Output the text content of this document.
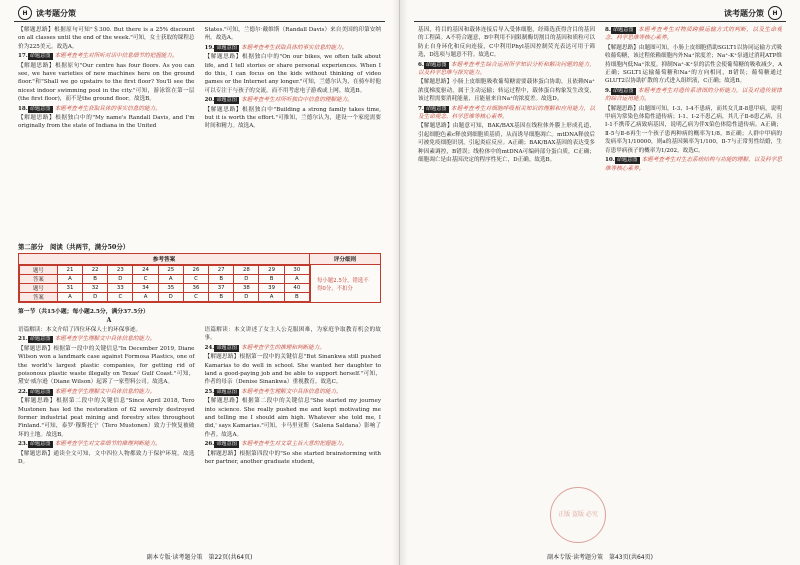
H	读考题分策

【解题思路】根据原句可知"＄300. But there is a 25% discount on all classes until the end of the week."可知，女士获取的课程总价为225美元。故选A。

17. 命题意图 本题考查考生对所听对话中信息细节的把握能力。

【解题思路】根据原句"Our centre has four floors. As you can see, we have varieties of new machines here on the ground floor."和"Shall we go upstairs to the first floor? You'll see the nicest indoor swimming pool in the city."可知，游泳馆在第一层 (the first floor)，而不是the ground floor。故选B。

18. 命题意图 本题考查考生获取具体的事实信息的能力。

【解题思路】根据独白中的"My name's Randall Davis, and I'm originally from the state of Indiana in the United

States."可知，兰德尔·戴维斯（Randall Davis）来自美国的印第安纳州。故选A。

19. 命题意图 本题考查考生获取具体的事实信息的能力。

【解题思路】根据独白中的"On our bikes, we often talk about life, and I tell stories or share personal experiences. When I do this, I can focus on the kids without thinking of video games or the Internet any longer."可知，兰德尔认为，在骑车时他可以专注于与孩子的交流，而不用考虑电子游戏或上网。故选B。

20. 命题意图 本题考查考生对所听独白中信息的理解能力。

【解题思路】根据独白中"Building a strong family takes time, but it is worth the effort."可推知，兰德尔认为，建设一个家庭需要时间和精力。故选A。

第二部分　阅读（共两节，满分50分）
参考答案	评分细则
题号	21	22	23	24	25	26	27	28	29	30
答案	A	B	D	C	A	C	B	D	B	A
题号	31	32	33	34	35	36	37	38	39	40
答案	A	D	C	A	D	C	B	D	A	B
每小题2.5分，错选不得0分，不扣分
第一节（共15小题；每小题2.5分，满分37.5分）
A

语篇解读：本文介绍了四位环保人士的环保事迹。

21. 命题意图 本题考查学生理解文中具体信息的能力。

【解题思路】根据第一段中的关键信息"In December 2019, Diane Wilson won a landmark case against Formosa Plastics, one of the world's largest plastic companies, for getting rid of poisonous plastic waste illegally on Texas' Gulf Coast."可知，黛安·威尔逊（Diane Wilson）起诉了一家塑料公司。故选A。

22. 命题意图 本题考查学生理解文中具体信息的能力。

【解题思路】根据第二段中的关键信息"Since April 2018, Tero Mustonen has led the restoration of 62 severely destroyed former industrial peat mining and forestry sites throughout Finland."可知，泰罗·穆斯托宁（Tero Mustonen）致力于恢复被破坏的土地。故选B。

23. 命题意图 本题考查学生对文章细节的推理判断能力。

【解题思路】通读全文可知，文中四位人物都致力于保护环境，故选D。

语篇解读：本文讲述了女主人公克服困难，为家庭争取教育机会的故事。

24. 命题意图 本题考查学生的推理和判断能力。

【解题思路】根据第一段中的关键信息"But Sinankwa still pushed Kamarias to do well in school. She wanted her daughter to land a good-paying job and be able to support herself."可知，作者的母亲（Denise Sinankwa）重视教育。故选C。

25. 命题意图 本题考查考生理解文中具体信息的能力。

【解题思路】根据第二段中的关键信息"She started my journey into science. She really pushed me and kept motivating me and telling me I should aim high. Whatever she told me, I did,' says Kamarias."可知，卡马里亚斯（Salena Saldana）影响了作者。故选A。

26. 命题意图 本题考查考生对文章主旨大意的把握能力。

【解题思路】根据第四段中的"So she started brainstorming with her partner, another graduate student,

副本专版·读考题分策　第22页(共64页)
读考题分策	H

基因，将目的基因和载体连接后导入受体细胞，经筛选获得含目的基因的工程菌。A不符合题意，B中利用不同限制酶切割目的基因和质粒可以防止自身环化和反向连接，C中利用Phyl基因控制荧光表达可用于筛选，D选项与题意不符。故选C。

6. 命题意图 本题考查考生综合运用所学知识分析和解决问题的能力，以及科学思维与探究能力。

【解题思路】小肠上皮细胞吸收葡萄糖需要载体蛋白协助，且依赖Na⁺浓度梯度驱动，属于主动运输；转运过程中，载体蛋白构象发生改变，该过程需要消耗能量，且能量来自Na⁺的浓度差。故选D。

7. 命题意图 本题考查考生对细胞呼吸相关知识的理解和应用能力，以及生命观念、科学思维等核心素养。

【解题思路】由题意可知，BAK/BAX基因在线粒体外膜上形成孔道，引起细胞色素c释放到细胞质基质，从而诱导细胞凋亡。mtDNA释放后可被免疫细胞识别，引起炎症反应。A正确；BAK/BAX基因的表达受多种因素调控，B错误；线粒体中的mtDNA可编码部分蛋白质，C正确；细胞凋亡是由基因决定的程序性死亡，D正确。故选B。

8. 命题意图 本题考查考生对物质跨膜运输方式的判断，以及生命观念、科学思维等核心素养。

【解题思路】由题图可知，小肠上皮细胞借助SGLT1以协同运输方式吸收葡萄糖，该过程依赖细胞内外Na⁺浓度差；Na⁺-K⁺泵通过消耗ATP维持细胞内低Na⁺浓度。抑制Na⁺-K⁺泵的活性会使葡萄糖的吸收减少，A正确；SGLT1运输葡萄糖和Na⁺的方向相同，B错误；葡萄糖通过GLUT2以协助扩散的方式进入组织液，C正确；故选B。

9. 命题意图 本题考查考生对遗传系谱图的分析能力，以及对遗传规律的综合运用能力。

【解题思路】由题图可知，Ⅰ-3、Ⅰ-4不患病，而其女儿Ⅱ-8患甲病，说明甲病为常染色体隐性遗传病；Ⅰ-1、Ⅰ-2不患乙病，其儿子Ⅱ-6患乙病，且Ⅰ-1不携带乙病致病基因，说明乙病为伴X染色体隐性遗传病。A正确；Ⅱ-5与Ⅱ-6再生一个孩子患两种病的概率为1/8，B正确；人群中甲病的发病率为1/10000，则a的基因频率为1/100，Ⅱ-7与正常男性结婚，生育患甲病孩子的概率为1/202。故选C。

10. 命题意图 本题考查考生对生态系统结构与功能的理解，以及科学思维等核心素养。

正版 盗版 必究
副本专版·读考题分策　第43页(共64页)
